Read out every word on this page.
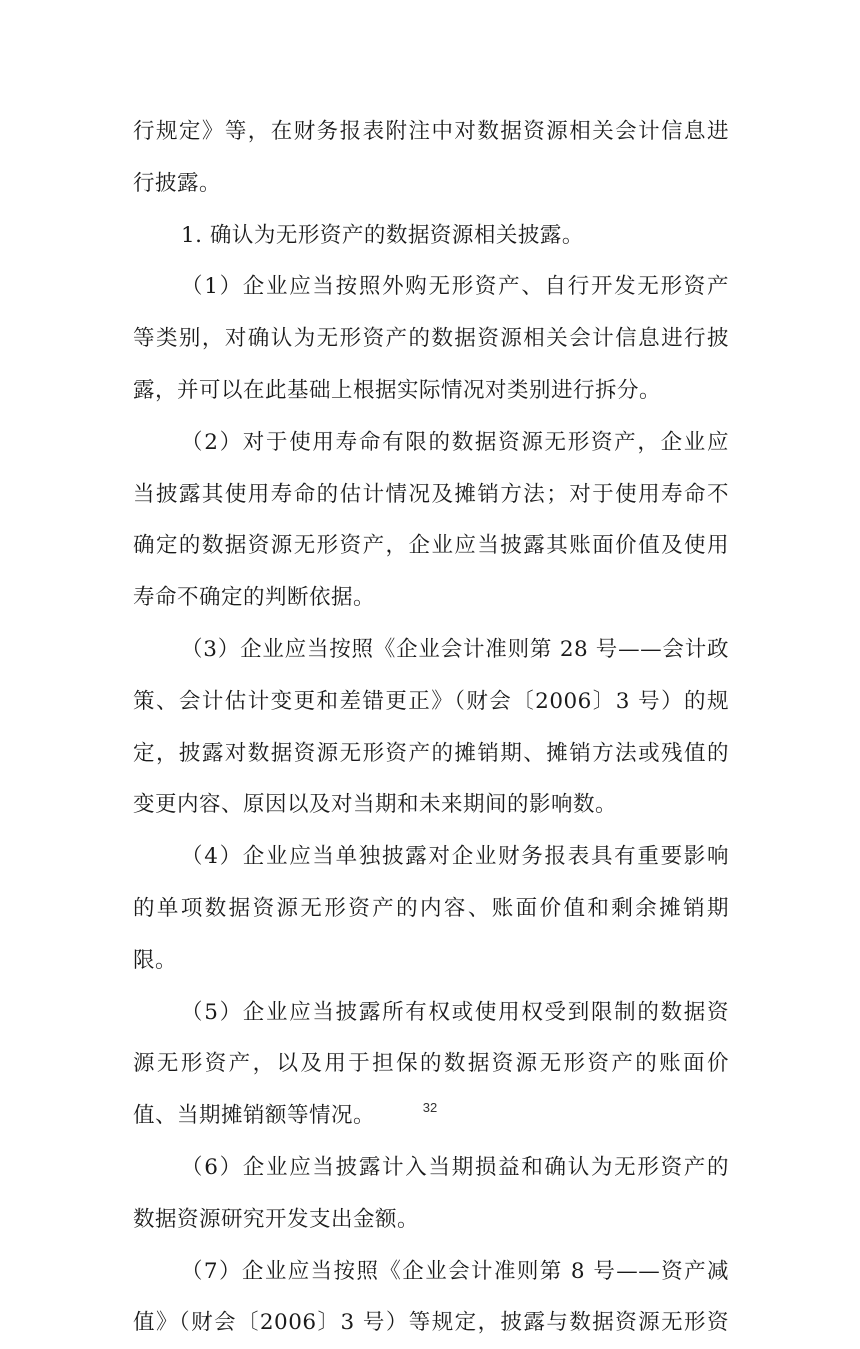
行规定》等，在财务报表附注中对数据资源相关会计信息进
行披露。
1. 确认为无形资产的数据资源相关披露。
（1）企业应当按照外购无形资产、自行开发无形资产
等类别，对确认为无形资产的数据资源相关会计信息进行披
露，并可以在此基础上根据实际情况对类别进行拆分。
（2）对于使用寿命有限的数据资源无形资产，企业应
当披露其使用寿命的估计情况及摊销方法；对于使用寿命不
确定的数据资源无形资产，企业应当披露其账面价值及使用
寿命不确定的判断依据。
（3）企业应当按照《企业会计准则第 28 号——会计政
策、会计估计变更和差错更正》（财会〔2006〕3 号）的规
定，披露对数据资源无形资产的摊销期、摊销方法或残值的
变更内容、原因以及对当期和未来期间的影响数。
（4）企业应当单独披露对企业财务报表具有重要影响
的单项数据资源无形资产的内容、账面价值和剩余摊销期
限。
（5）企业应当披露所有权或使用权受到限制的数据资
源无形资产，以及用于担保的数据资源无形资产的账面价
值、当期摊销额等情况。
（6）企业应当披露计入当期损益和确认为无形资产的
数据资源研究开发支出金额。
（7）企业应当按照《企业会计准则第 8 号——资产减
值》（财会〔2006〕3 号）等规定，披露与数据资源无形资
32
